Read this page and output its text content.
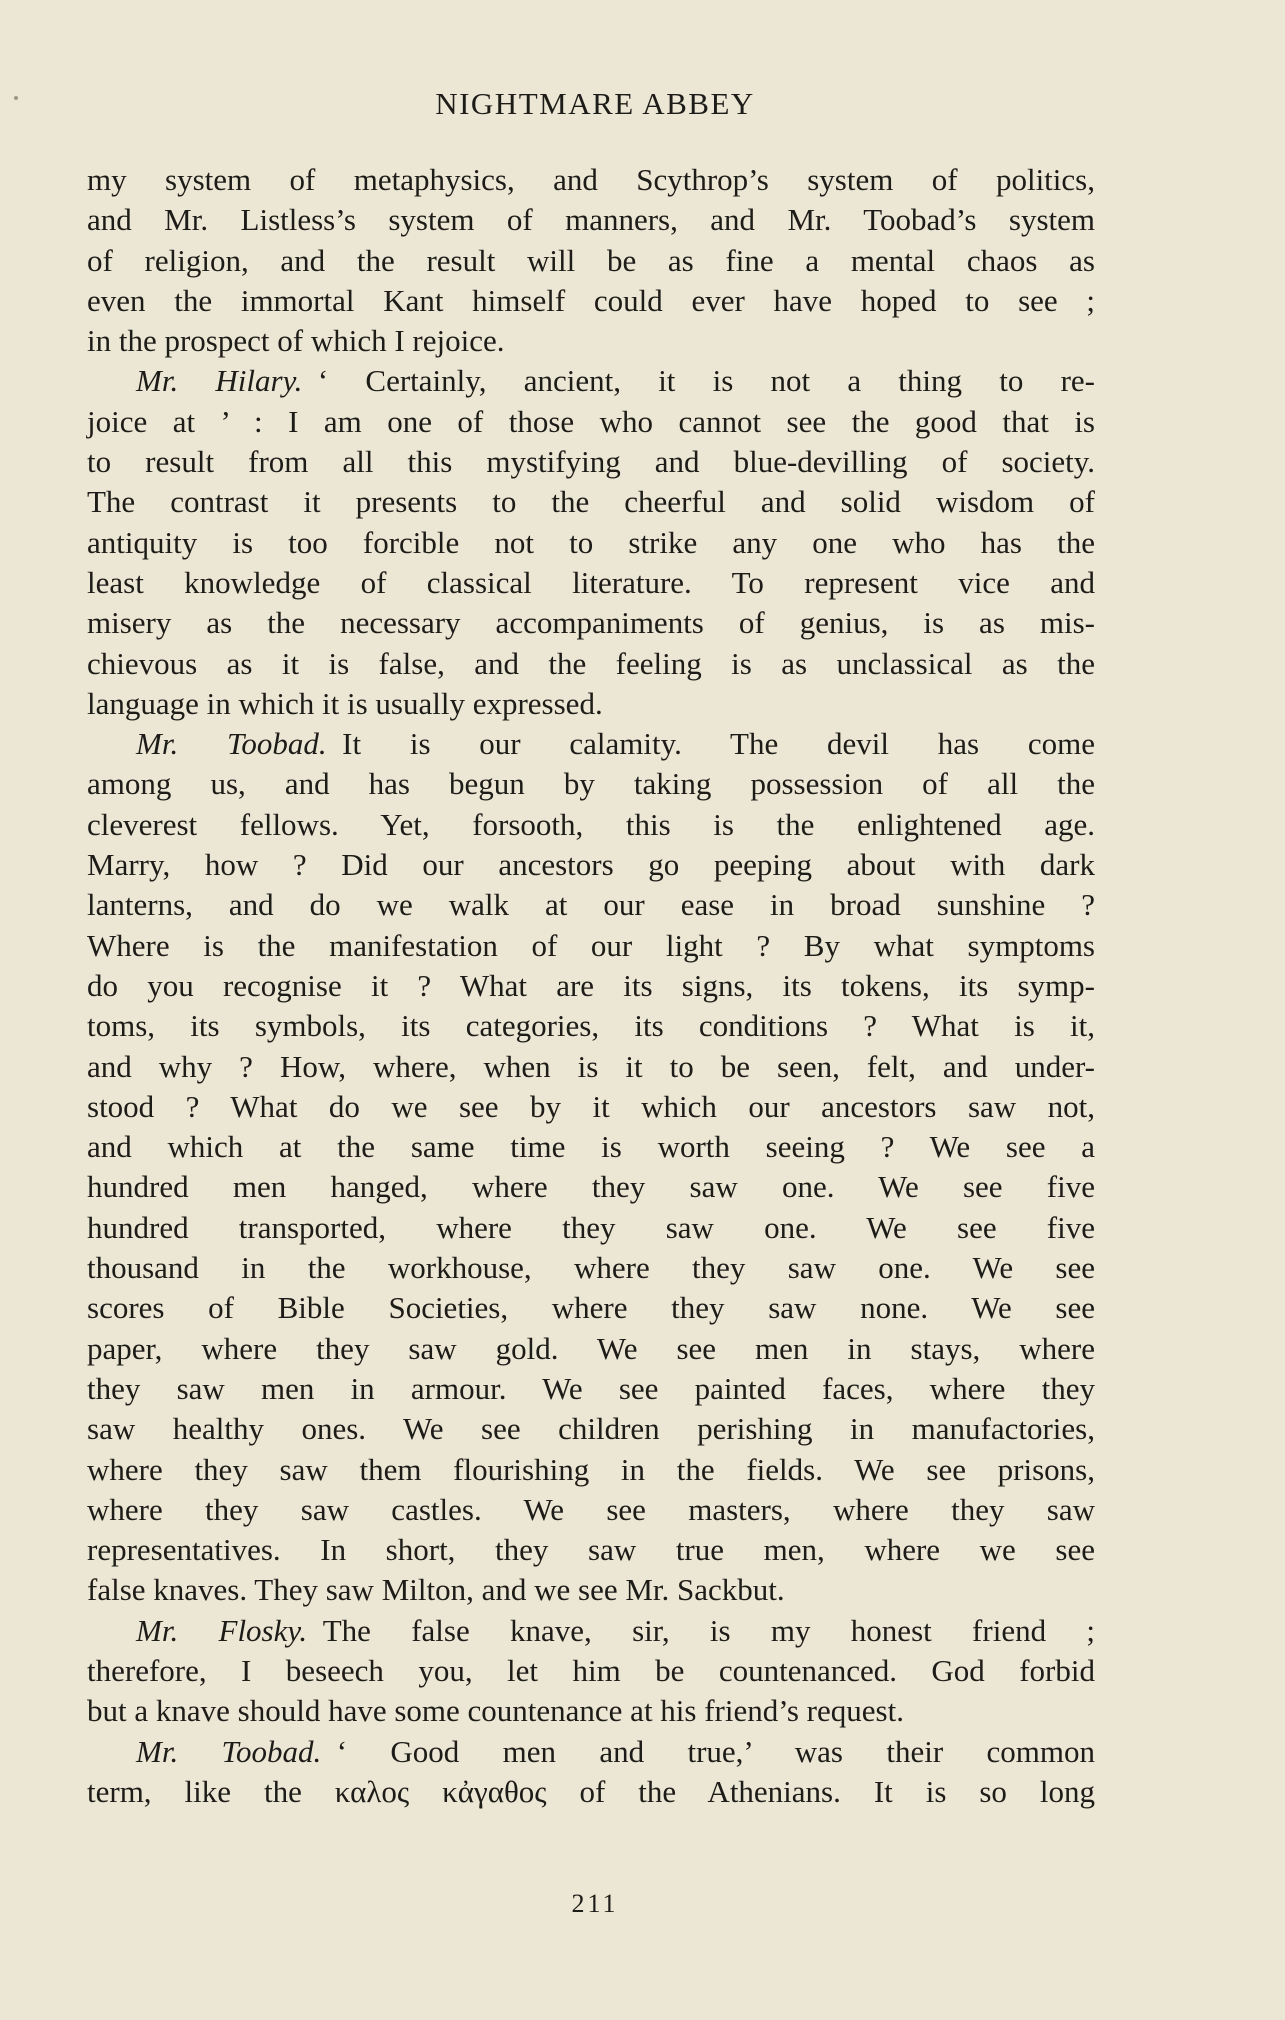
NIGHTMARE ABBEY
my system of metaphysics, and Scythrop’s system of politics,
and Mr. Listless’s system of manners, and Mr. Toobad’s system
of religion, and the result will be as fine a mental chaos as
even the immortal Kant himself could ever have hoped to see ;
in the prospect of which I rejoice.
Mr. Hilary.  ‘ Certainly, ancient, it is not a thing to re-
joice at ’ : I am one of those who cannot see the good that is
to result from all this mystifying and blue-devilling of society.
The contrast it presents to the cheerful and solid wisdom of
antiquity is too forcible not to strike any one who has the
least knowledge of classical literature. To represent vice and
misery as the necessary accompaniments of genius, is as mis-
chievous as it is false, and the feeling is as unclassical as the
language in which it is usually expressed.
Mr. Toobad.  It is our calamity. The devil has come
among us, and has begun by taking possession of all the
cleverest fellows. Yet, forsooth, this is the enlightened age.
Marry, how ? Did our ancestors go peeping about with dark
lanterns, and do we walk at our ease in broad sunshine ?
Where is the manifestation of our light ? By what symptoms
do you recognise it ? What are its signs, its tokens, its symp-
toms, its symbols, its categories, its conditions ? What is it,
and why ? How, where, when is it to be seen, felt, and under-
stood ? What do we see by it which our ancestors saw not,
and which at the same time is worth seeing ? We see a
hundred men hanged, where they saw one. We see five
hundred transported, where they saw one. We see five
thousand in the workhouse, where they saw one. We see
scores of Bible Societies, where they saw none. We see
paper, where they saw gold. We see men in stays, where
they saw men in armour. We see painted faces, where they
saw healthy ones. We see children perishing in manufactories,
where they saw them flourishing in the fields. We see prisons,
where they saw castles. We see masters, where they saw
representatives. In short, they saw true men, where we see
false knaves. They saw Milton, and we see Mr. Sackbut.
Mr. Flosky.  The false knave, sir, is my honest friend ;
therefore, I beseech you, let him be countenanced. God forbid
but a knave should have some countenance at his friend’s request.
Mr. Toobad.  ‘ Good men and true,’ was their common
term, like the καλος κἀγαθος of the Athenians. It is so long
211
